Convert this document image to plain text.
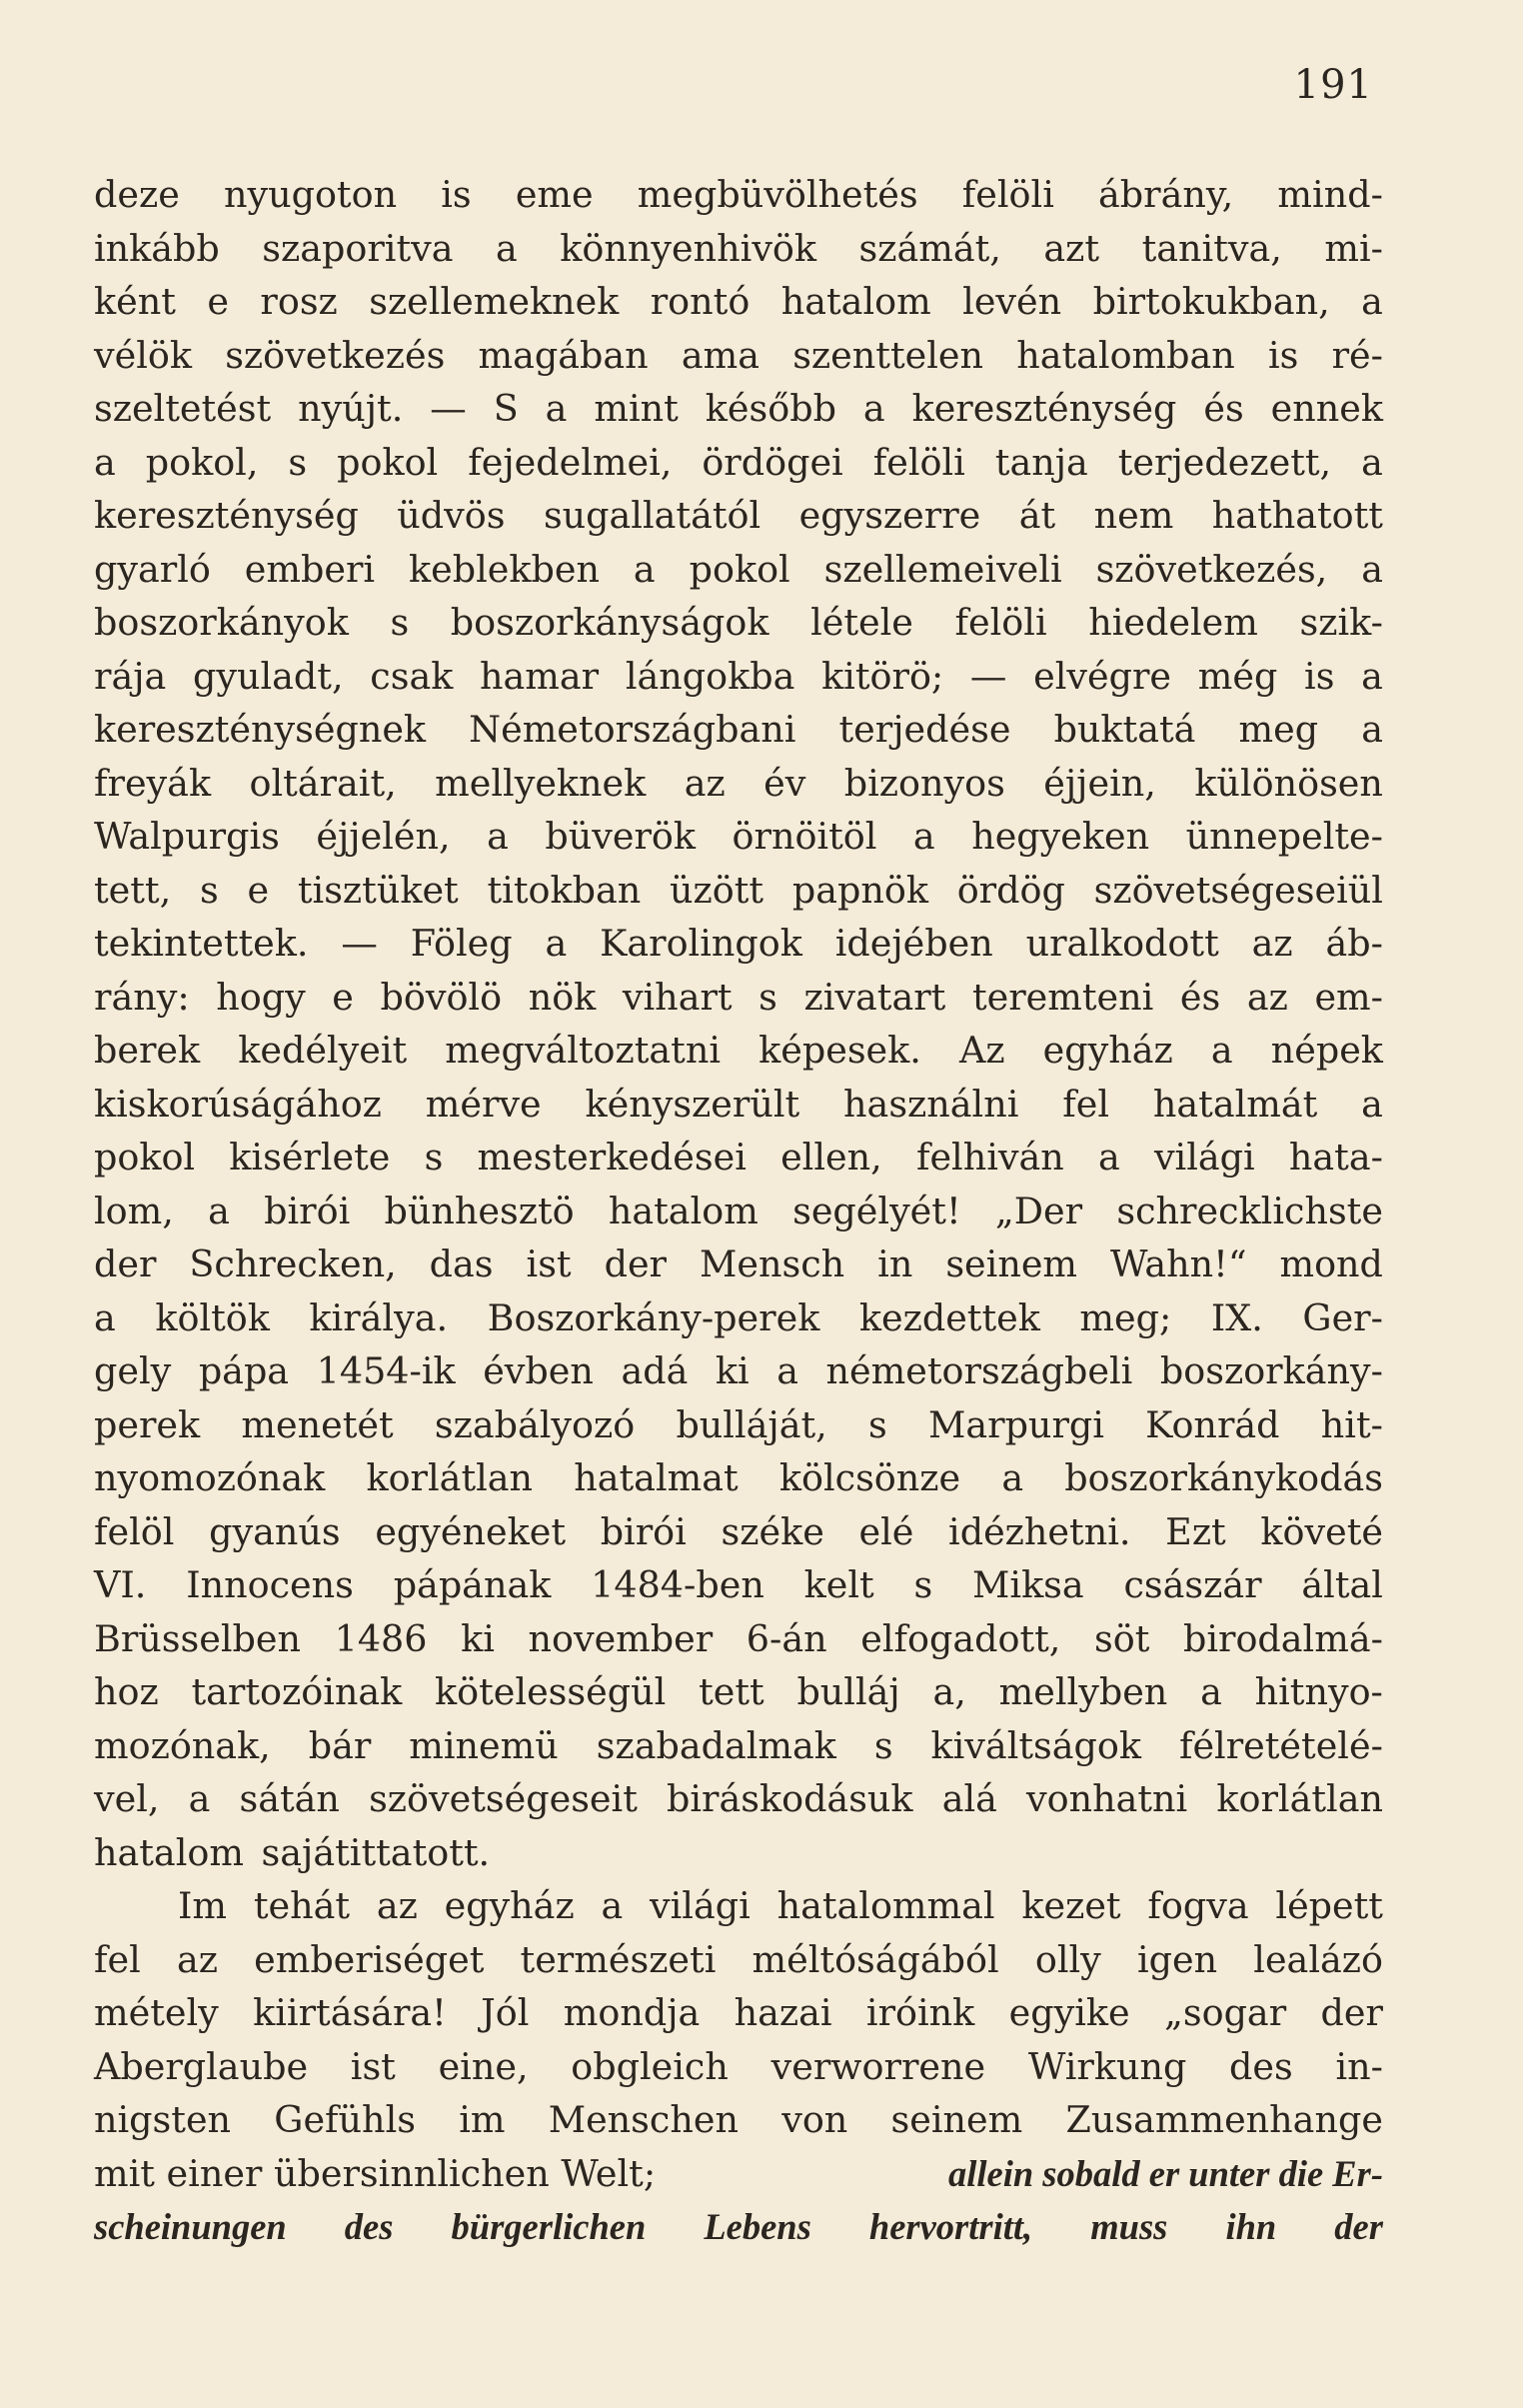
191
deze nyugoton is eme megbüvölhetés felöli ábrány, mind-
inkább szaporitva a könnyenhivök számát, azt tanitva, mi-
ként e rosz szellemeknek rontó hatalom levén birtokukban, a
vélök szövetkezés magában ama szenttelen hatalomban is ré-
szeltetést nyújt. — S a mint később a kereszténység és ennek
a pokol, s pokol fejedelmei, ördögei felöli tanja terjedezett, a
kereszténység üdvös sugallatától egyszerre át nem hathatott
gyarló emberi keblekben a pokol szellemeiveli szövetkezés, a
boszorkányok s boszorkányságok létele felöli hiedelem szik-
rája gyuladt, csak hamar lángokba kitörö; — elvégre még is a
kereszténységnek Németországbani terjedése buktatá meg a
freyák oltárait, mellyeknek az év bizonyos éjjein, különösen
Walpurgis éjjelén, a büverök örnöitöl a hegyeken ünnepelte-
tett, s e tisztüket titokban üzött papnök ördög szövetségeseiül
tekintettek. — Föleg a Karolingok idejében uralkodott az áb-
rány: hogy e bövölö nök vihart s zivatart teremteni és az em-
berek kedélyeit megváltoztatni képesek. Az egyház a népek
kiskorúságához mérve kényszerült használni fel hatalmát a
pokol kisérlete s mesterkedései ellen, felhiván a világi hata-
lom, a birói bünhesztö hatalom segélyét! „Der schrecklichste
der Schrecken, das ist der Mensch in seinem Wahn!“ mond
a költök királya. Boszorkány-perek kezdettek meg; IX. Ger-
gely pápa 1454-ik évben adá ki a németországbeli boszorkány-
perek menetét szabályozó bulláját, s Marpurgi Konrád hit-
nyomozónak korlátlan hatalmat kölcsönze a boszorkánykodás
felöl gyanús egyéneket birói széke elé idézhetni. Ezt követé
VI. Innocens pápának 1484-ben kelt s Miksa császár által
Brüsselben 1486 ki november 6-án elfogadott, söt birodalmá-
hoz tartozóinak kötelességül tett bulláj a, mellyben a hitnyo-
mozónak, bár minemü szabadalmak s kiváltságok félretételé-
vel, a sátán szövetségeseit biráskodásuk alá vonhatni korlátlan
hatalom sajátittatott.
Im tehát az egyház a világi hatalommal kezet fogva lépett
fel az emberiséget természeti méltóságából olly igen lealázó
métely kiirtására! Jól mondja hazai iróink egyike „sogar der
Aberglaube ist eine, obgleich verworrene Wirkung des in-
nigsten Gefühls im Menschen von seinem Zusammenhange
mit einer übersinnlichen Welt;	allein sobald er unter die Er-
scheinungen des bürgerlichen Lebens hervortritt, muss ihn der
